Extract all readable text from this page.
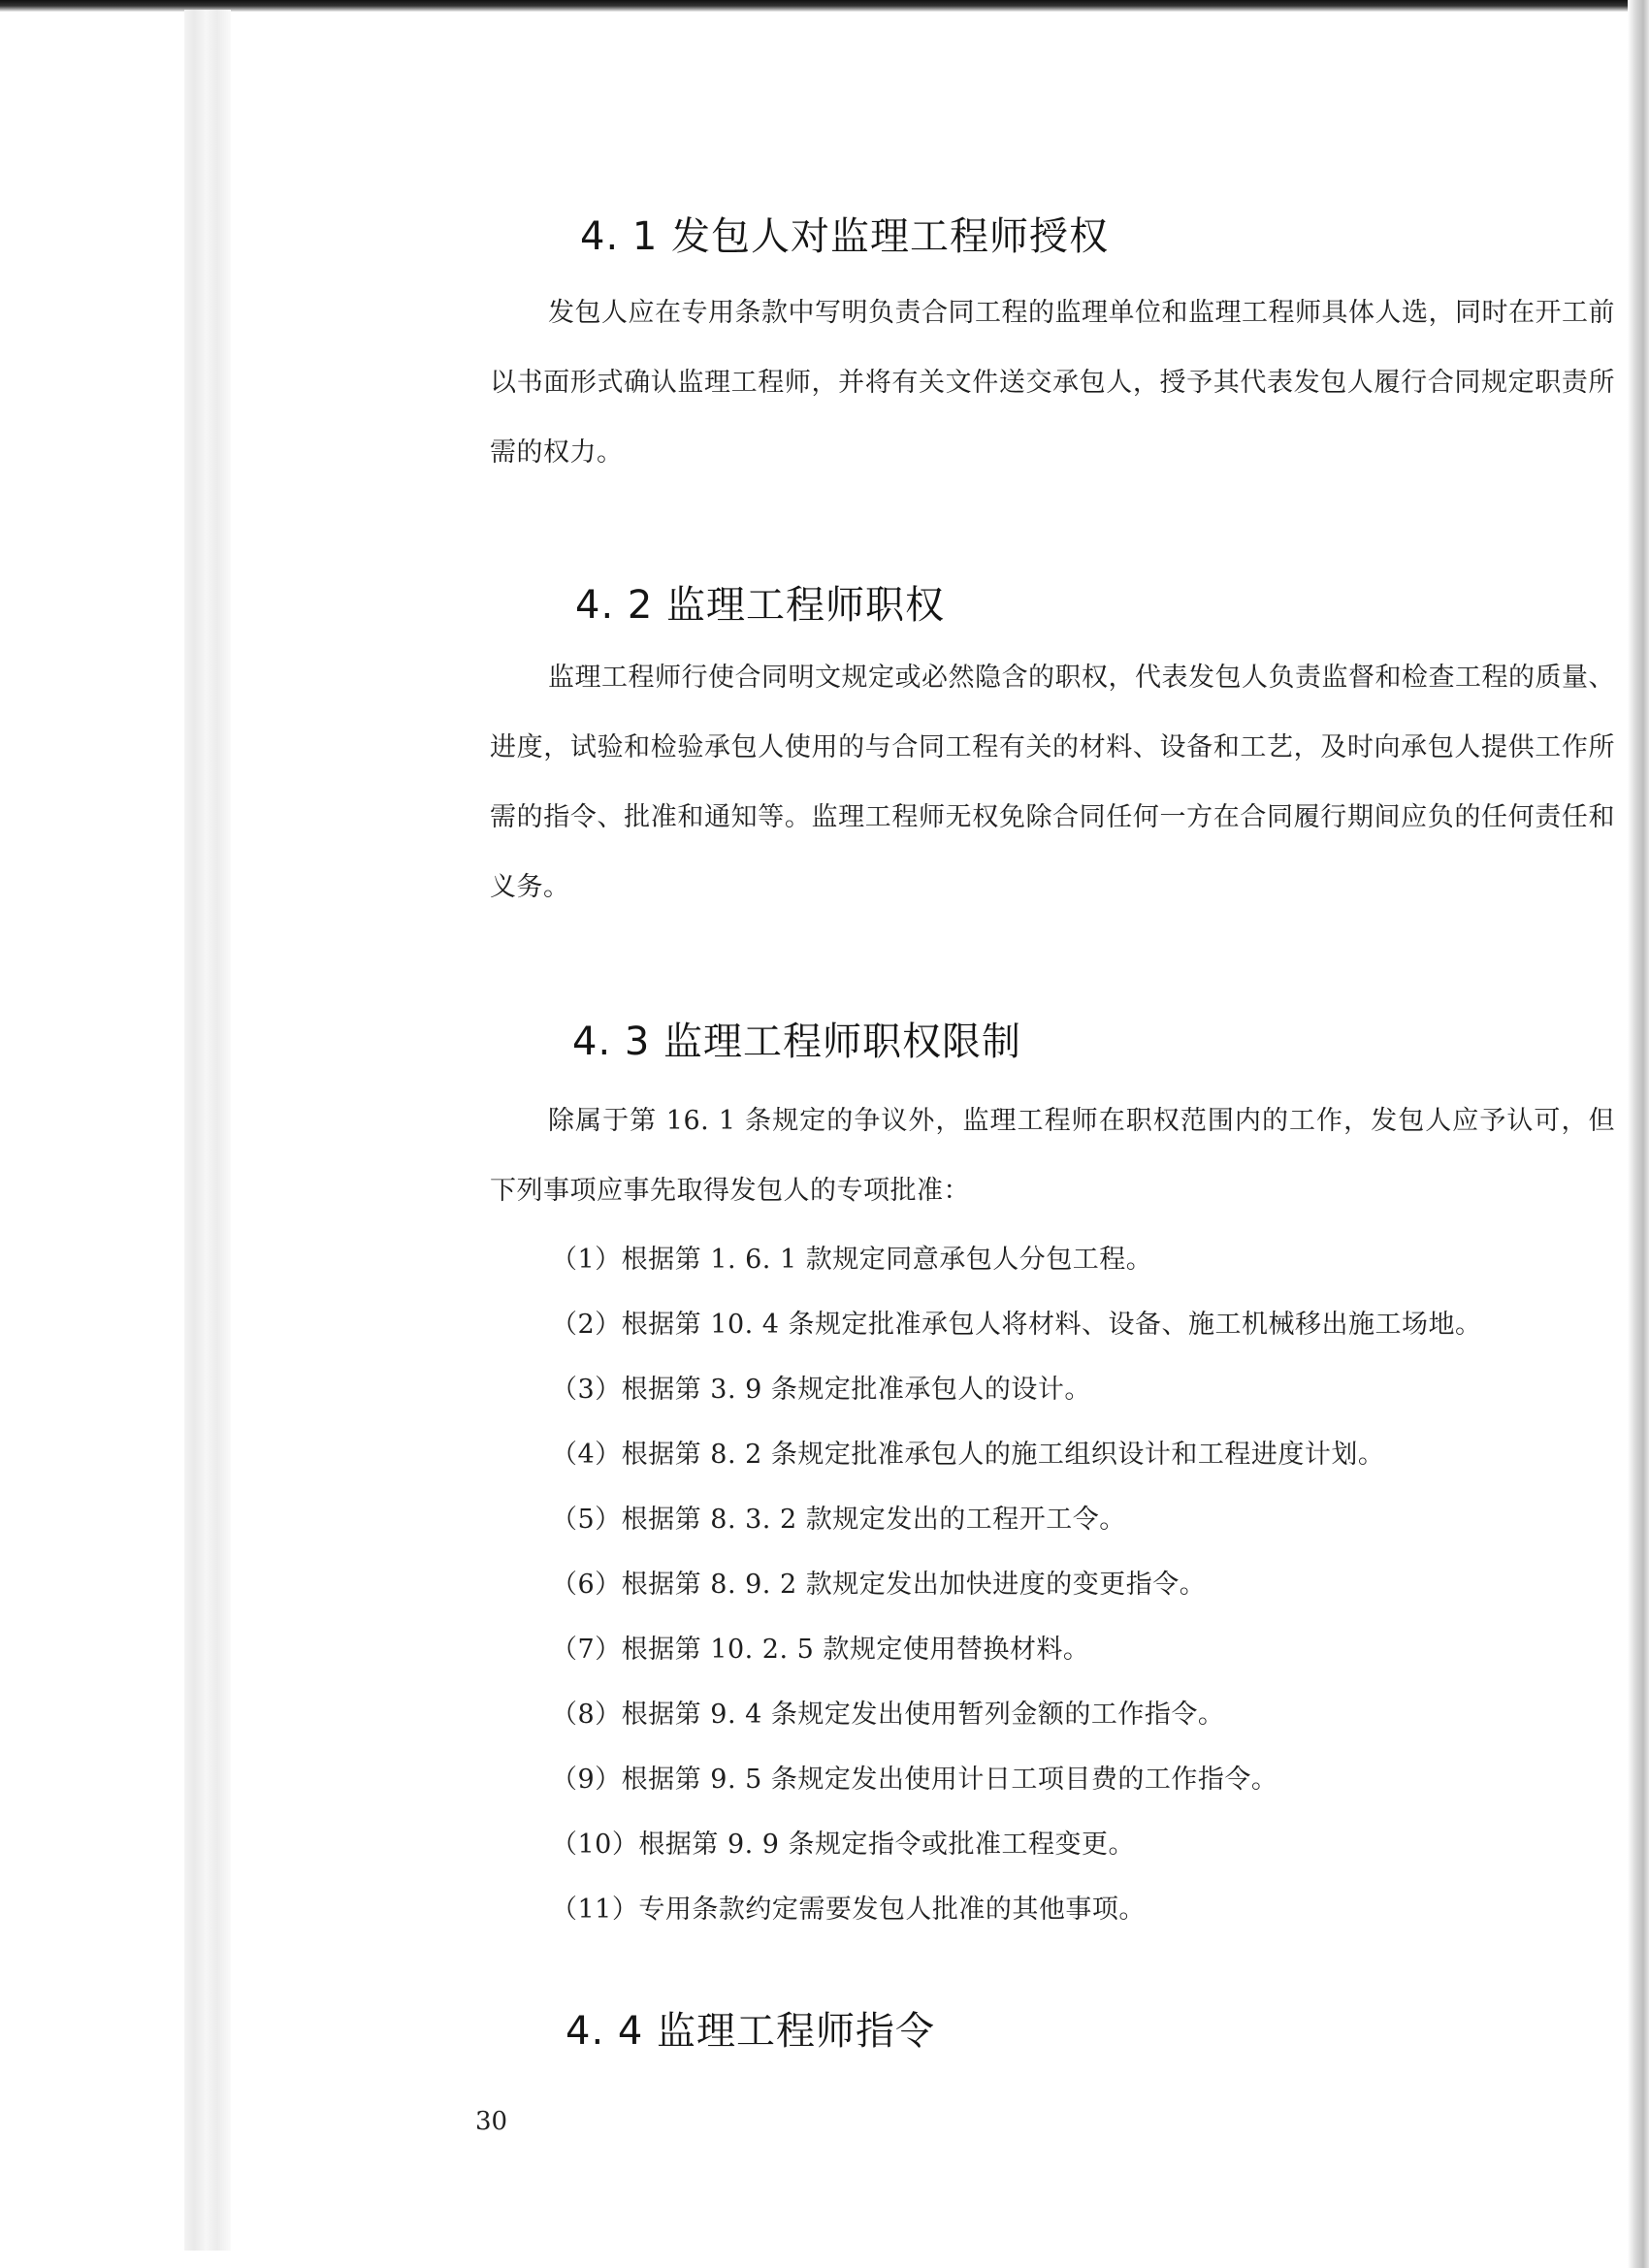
4. 1 发包人对监理工程师授权

发包人应在专用条款中写明负责合同工程的监理单位和监理工程师具体人选，同时在开工前以书面形式确认监理工程师，并将有关文件送交承包人，授予其代表发包人履行合同规定职责所需的权力。

4. 2 监理工程师职权

监理工程师行使合同明文规定或必然隐含的职权，代表发包人负责监督和检查工程的质量、进度，试验和检验承包人使用的与合同工程有关的材料、设备和工艺，及时向承包人提供工作所需的指令、批准和通知等。监理工程师无权免除合同任何一方在合同履行期间应负的任何责任和义务。

4. 3 监理工程师职权限制

除属于第 16. 1 条规定的争议外，监理工程师在职权范围内的工作，发包人应予认可，但下列事项应事先取得发包人的专项批准：

（1）根据第 1. 6. 1 款规定同意承包人分包工程。
（2）根据第 10. 4 条规定批准承包人将材料、设备、施工机械移出施工场地。
（3）根据第 3. 9 条规定批准承包人的设计。
（4）根据第 8. 2 条规定批准承包人的施工组织设计和工程进度计划。
（5）根据第 8. 3. 2 款规定发出的工程开工令。
（6）根据第 8. 9. 2 款规定发出加快进度的变更指令。
（7）根据第 10. 2. 5 款规定使用替换材料。
（8）根据第 9. 4 条规定发出使用暂列金额的工作指令。
（9）根据第 9. 5 条规定发出使用计日工项目费的工作指令。
（10）根据第 9. 9 条规定指令或批准工程变更。
（11）专用条款约定需要发包人批准的其他事项。
4. 4 监理工程师指令
30
